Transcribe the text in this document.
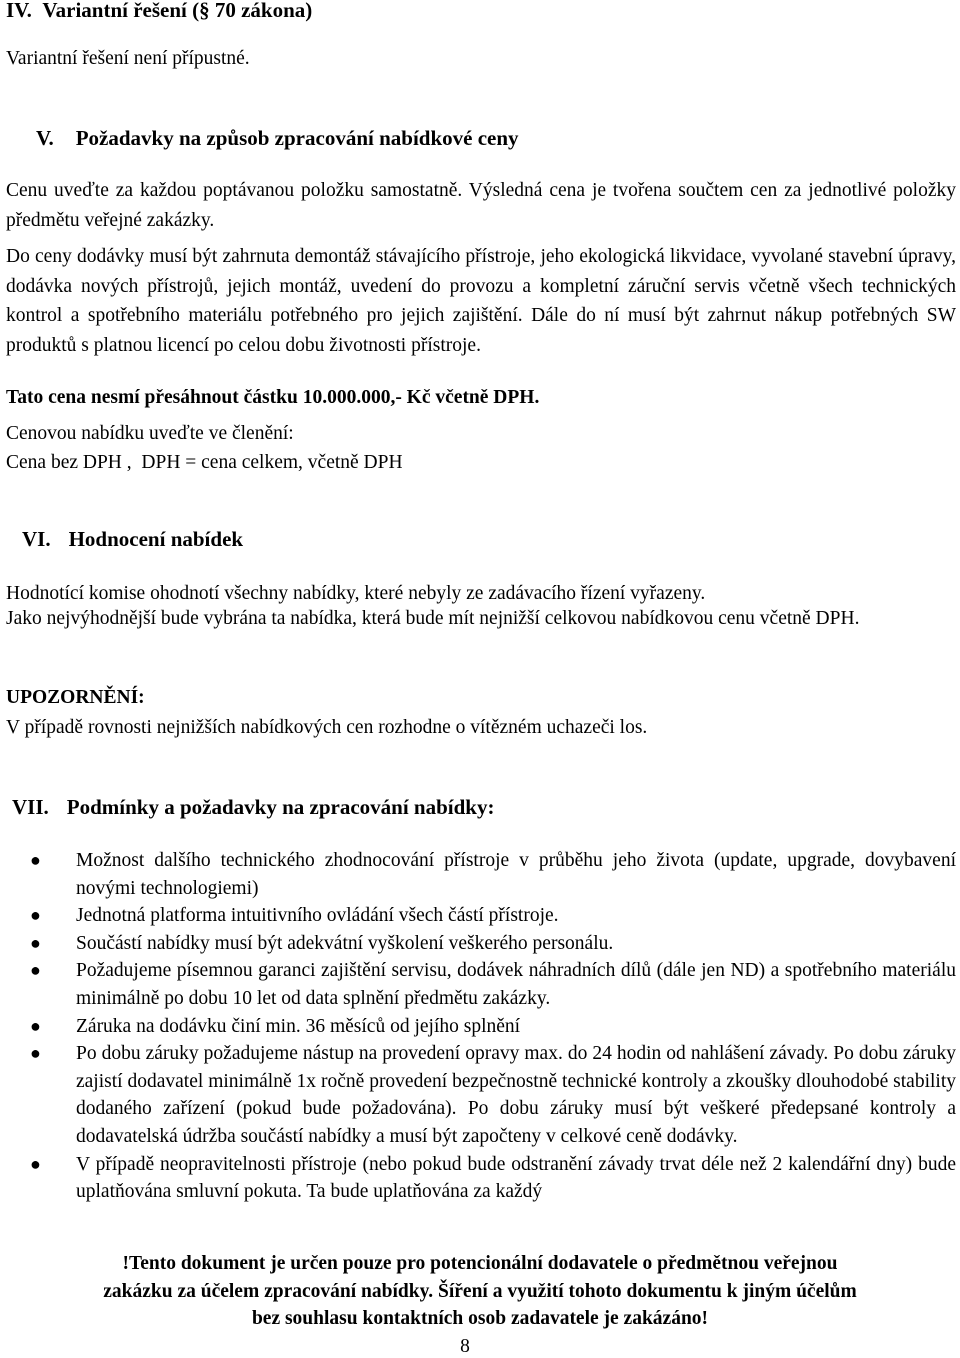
IV.  Variantní řešení (§ 70 zákona)
Variantní řešení není přípustné.
V. Požadavky na způsob zpracování nabídkové ceny
Cenu uveďte za každou poptávanou položku samostatně. Výsledná cena je tvořena součtem cen za jednotlivé položky předmětu veřejné zakázky.
Do ceny dodávky musí být zahrnuta demontáž stávajícího přístroje, jeho ekologická likvidace, vyvolané stavební úpravy, dodávka nových přístrojů, jejich montáž, uvedení do provozu a kompletní záruční servis včetně všech technických kontrol a spotřebního materiálu potřebného pro jejich zajištění. Dále do ní musí být zahrnut nákup potřebných SW produktů s platnou licencí po celou dobu životnosti přístroje.
Tato cena nesmí přesáhnout částku 10.000.000,- Kč včetně DPH.
Cenovou nabídku uveďte ve členění:
Cena bez DPH ,  DPH = cena celkem, včetně DPH
VI. Hodnocení nabídek
Hodnotící komise ohodnotí všechny nabídky, které nebyly ze zadávacího řízení vyřazeny.
Jako nejvýhodnější bude vybrána ta nabídka, která bude mít nejnižší celkovou nabídkovou cenu včetně DPH.
UPOZORNĚNÍ:
V případě rovnosti nejnižších nabídkových cen rozhodne o vítězném uchazeči los.
VII. Podmínky a požadavky na zpracování nabídky:
● Možnost dalšího technického zhodnocování přístroje v průběhu jeho života (update, upgrade, dovybavení novými technologiemi)
● Jednotná platforma intuitivního ovládání všech částí přístroje.
● Součástí nabídky musí být adekvátní vyškolení veškerého personálu.
● Požadujeme písemnou garanci zajištění servisu, dodávek náhradních dílů (dále jen ND) a spotřebního materiálu minimálně po dobu 10 let od data splnění předmětu zakázky.
● Záruka na dodávku činí min. 36 měsíců od jejího splnění
● Po dobu záruky požadujeme nástup na provedení opravy max. do 24 hodin od nahlášení závady. Po dobu záruky zajistí dodavatel minimálně 1x ročně provedení bezpečnostně technické kontroly a zkoušky dlouhodobé stability dodaného zařízení (pokud bude požadována). Po dobu záruky musí být veškeré předepsané kontroly a dodavatelská údržba součástí nabídky a musí být započteny v celkové ceně dodávky.
● V případě neopravitelnosti přístroje (nebo pokud bude odstranění závady trvat déle než 2 kalendářní dny) bude uplatňována smluvní pokuta. Ta bude uplatňována za každý
!Tento dokument je určen pouze pro potencionální dodavatele o předmětnou veřejnou
zakázku za účelem zpracování nabídky. Šíření a využití tohoto dokumentu k jiným účelům
bez souhlasu kontaktních osob zadavatele je zakázáno!
8
